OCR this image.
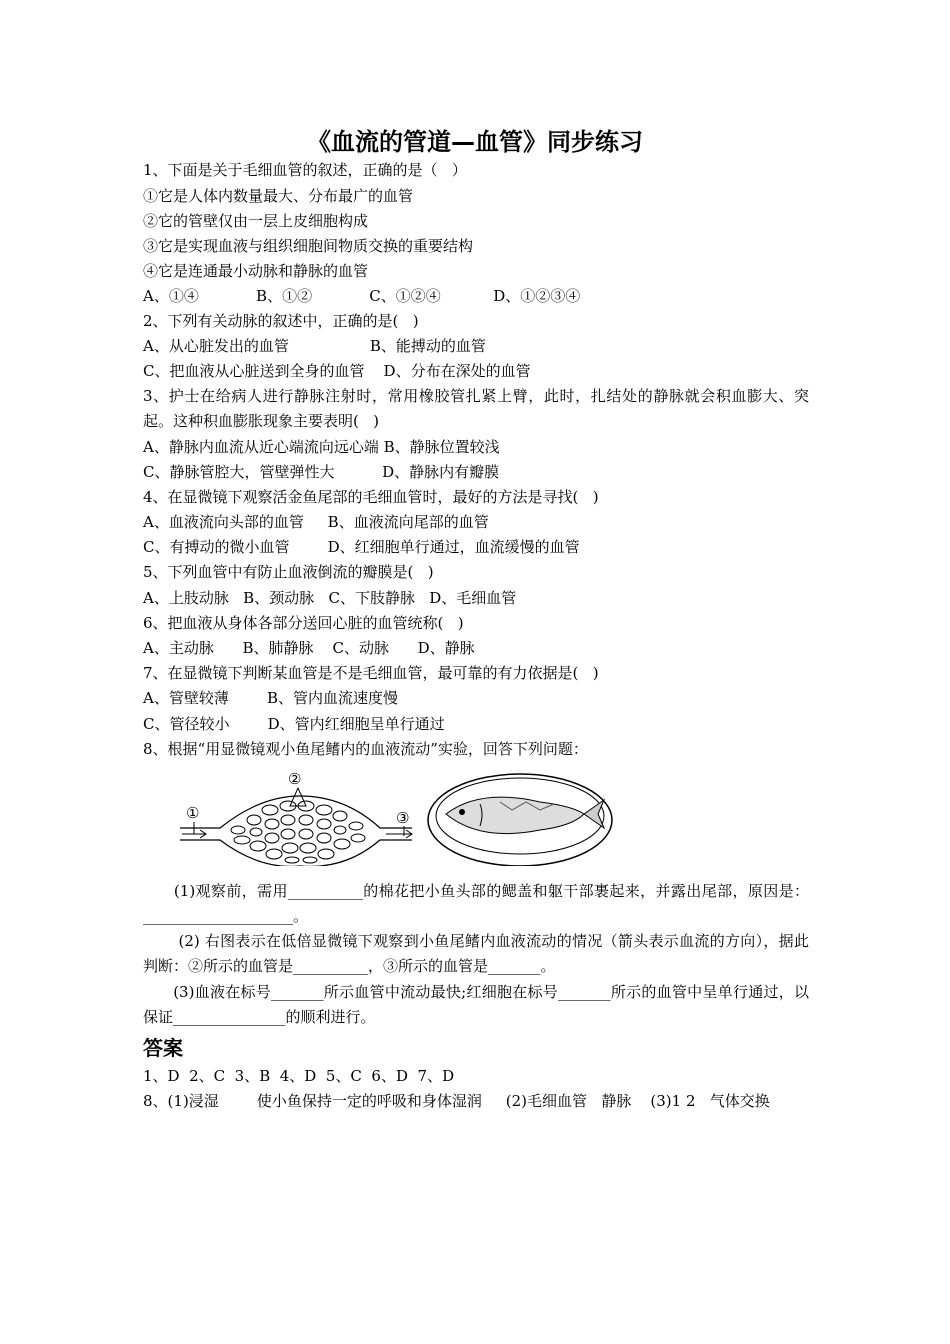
《血流的管道—血管》同步练习
1、下面是关于毛细血管的叙述，正确的是（   ）
①它是人体内数量最大、分布最广的血管
②它的管壁仅由一层上皮细胞构成
③它是实现血液与组织细胞间物质交换的重要结构
④它是连通最小动脉和静脉的血管
A、①④            B、①②            C、①②④           D、①②③④
2、下列有关动脉的叙述中，正确的是(   )
A、从心脏发出的血管                 B、能搏动的血管
C、把血液从心脏送到全身的血管    D、分布在深处的血管
3、护士在给病人进行静脉注射时，常用橡胶管扎紧上臂，此时，扎结处的静脉就会积血膨大、突起。这种积血膨胀现象主要表明(   )
A、静脉内血流从近心端流向远心端 B、静脉位置较浅
C、静脉管腔大，管壁弹性大          D、静脉内有瓣膜
4、在显微镜下观察活金鱼尾部的毛细血管时，最好的方法是寻找(   )
A、血液流向头部的血管     B、血液流向尾部的血管
C、有搏动的微小血管        D、红细胞单行通过，血流缓慢的血管
5、下列血管中有防止血液倒流的瓣膜是(   )
A、上肢动脉   B、颈动脉   C、下肢静脉   D、毛细血管
6、把血液从身体各部分送回心脏的血管统称(   )
A、主动脉      B、肺静脉    C、动脉      D、静脉
7、在显微镜下判断某血管是不是毛细血管，最可靠的有力依据是(   )
A、管壁较薄        B、管内血流速度慢
C、管径较小        D、管内红细胞呈单行通过
8、根据“用显微镜观小鱼尾鳍内的血液流动”实验，回答下列问题：
①
②
③
(1)观察前，需用__________的棉花把小鱼头部的鳃盖和躯干部裹起来，并露出尾部，原因是：____________________。
(2) 右图表示在低倍显微镜下观察到小鱼尾鳍内血液流动的情况（箭头表示血流的方向），据此判断：②所示的血管是__________，③所示的血管是_______。
(3)血液在标号_______所示血管中流动最快;红细胞在标号_______所示的血管中呈单行通过，以保证_______________的顺利进行。
答案
1、D  2、C  3、B  4、D  5、C  6、D  7、D
8、(1)浸湿        使小鱼保持一定的呼吸和身体湿润     (2)毛细血管   静脉    (3)1 2   气体交换
